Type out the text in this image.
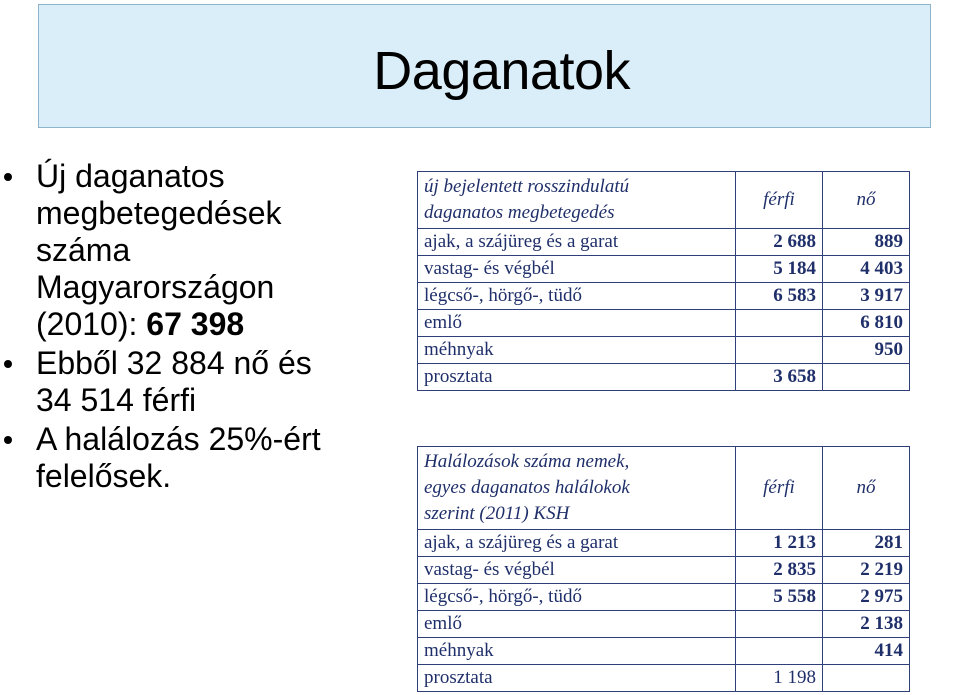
Daganatok
Új daganatos
megbetegedések
száma
Magyarországon
(2010): 67 398
Ebből 32 884 nő és
34 514 férfi
A halálozás 25%-ért
felelősek.
új bejelentett rosszindulatú
daganatos megbetegedés	férfi	nő
ajak, a szájüreg és a garat	2 688	889
vastag- és végbél	5 184	4 403
légcső-, hörgő-, tüdő	6 583	3 917
emlő		6 810
méhnyak		950
prosztata	3 658	
Halálozások száma nemek,
egyes daganatos halálokok
szerint (2011) KSH	férfi	nő
ajak, a szájüreg és a garat	1 213	281
vastag- és végbél	2 835	2 219
légcső-, hörgő-, tüdő	5 558	2 975
emlő		2 138
méhnyak		414
prosztata	1 198	
